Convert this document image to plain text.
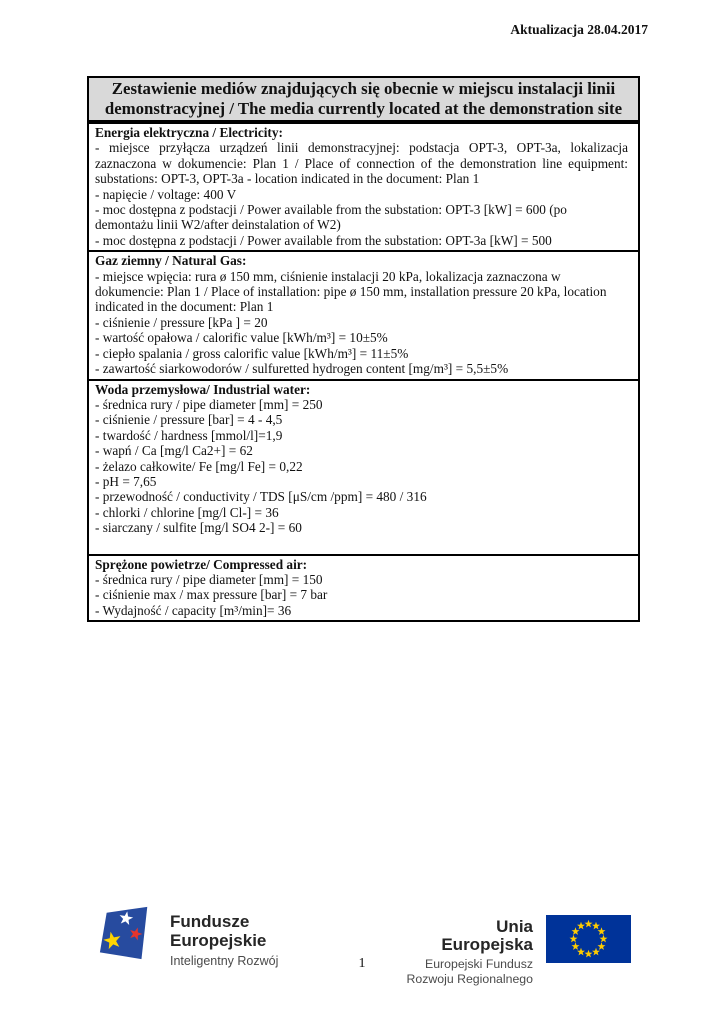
Aktualizacja 28.04.2017
Zestawienie mediów znajdujących się obecnie w miejscu instalacji linii demonstracyjnej / The media currently located at the demonstration site
Energia elektryczna / Electricity:
- miejsce przyłącza urządzeń linii demonstracyjnej: podstacja OPT-3, OPT-3a, lokalizacja zaznaczona w dokumencie: Plan 1 / Place of connection of the demonstration line equipment: substations: OPT-3, OPT-3a - location indicated in the document: Plan 1
- napięcie / voltage: 400 V
- moc dostępna z podstacji / Power available from the substation: OPT-3 [kW] = 600 (po demontażu linii W2/after deinstalation of W2)
- moc dostępna z podstacji / Power available from the substation: OPT-3a [kW] = 500
Gaz ziemny / Natural Gas:
- miejsce wpięcia: rura ø 150 mm, ciśnienie instalacji 20 kPa, lokalizacja zaznaczona w dokumencie: Plan 1 / Place of installation: pipe ø 150 mm, installation pressure 20 kPa, location indicated in the document: Plan 1
- ciśnienie / pressure [kPa ] = 20
- wartość opałowa / calorific value [kWh/m³] = 10±5%
- ciepło spalania / gross calorific value [kWh/m³] = 11±5%
- zawartość siarkowodorów / sulfuretted hydrogen content [mg/m³] = 5,5±5%
Woda przemysłowa/ Industrial water:
- średnica rury / pipe diameter [mm] = 250
- ciśnienie / pressure [bar] = 4 - 4,5
- twardość / hardness [mmol/l]=1,9
- wapń / Ca [mg/l Ca2+] = 62
- żelazo całkowite/ Fe [mg/l Fe] = 0,22
- pH = 7,65
- przewodność / conductivity / TDS [μS/cm /ppm] = 480 / 316
- chlorki / chlorine [mg/l Cl-] = 36
- siarczany / sulfite [mg/l SO4 2-] = 60
Sprężone powietrze/ Compressed air:
- średnica rury / pipe diameter [mm] = 150
- ciśnienie max / max pressure [bar] = 7 bar
- Wydajność / capacity [m³/min]= 36
Fundusze
Europejskie
Inteligentny Rozwój
Unia Europejska
Europejski Fundusz
Rozwoju Regionalnego
1
